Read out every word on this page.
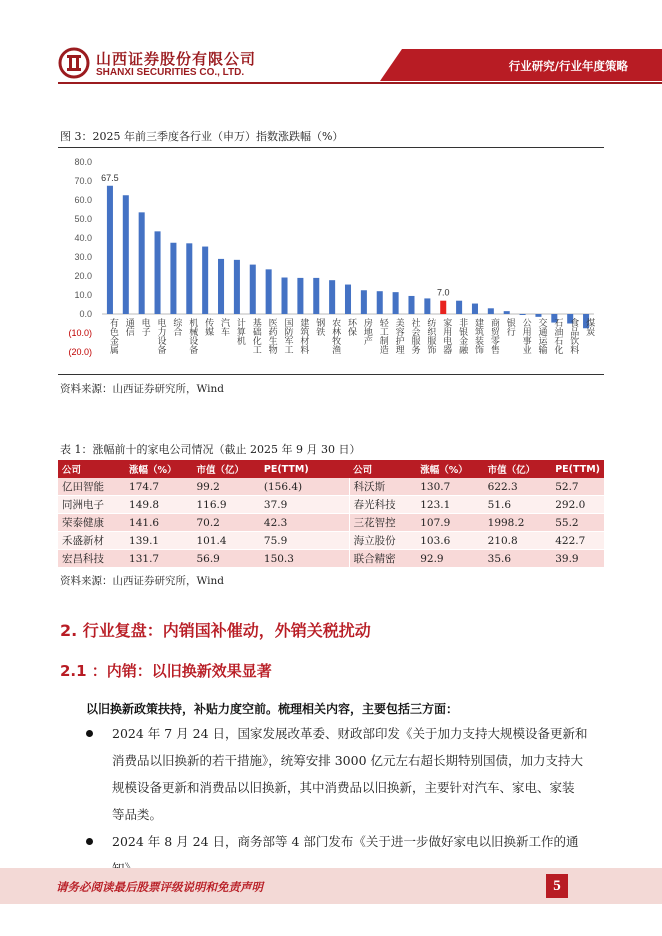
山西证券股份有限公司
SHANXI SECURITIES CO., LTD.	行业研究/行业年度策略
图 3：2025 年前三季度各行业（申万）指数涨跌幅（%）
80.0
70.0
60.0
50.0
40.0
30.0
20.0
10.0
0.0
(10.0)
(20.0) 有色金属 通信 电子 电力设备 综合 机械设备 传媒 汽车 计算机 基础化工 医药生物 国防军工 建筑材料 钢铁 农林牧渔 环保 房地产 轻工制造 美容护理 社会服务 纺织服饰 家用电器 非银金融 建筑装饰 商贸零售 银行 公用事业 交通运输 石油石化 食品饮料 煤炭
67.5
7.0
资料来源：山西证券研究所，Wind
表 1：涨幅前十的家电公司情况（截止 2025 年 9 月 30 日）
公司	涨幅（%）	市值（亿）	PE(TTM)	公司	涨幅（%）	市值（亿）	PE(TTM)
亿田智能	174.7	99.2	(156.4)	科沃斯	130.7	622.3	52.7
同洲电子	149.8	116.9	37.9	春光科技	123.1	51.6	292.0
荣泰健康	141.6	70.2	42.3	三花智控	107.9	1998.2	55.2
禾盛新材	139.1	101.4	75.9	海立股份	103.6	210.8	422.7
宏昌科技	131.7	56.9	150.3	联合精密	92.9	35.6	39.9
资料来源：山西证券研究所，Wind
2. 行业复盘：内销国补催动，外销关税扰动
2.1 ：内销：以旧换新效果显著
以旧换新政策扶持，补贴力度空前。梳理相关内容，主要包括三方面：
2024 年 7 月 24 日，国家发展改革委、财政部印发《关于加力支持大规模设备更新和
消费品以旧换新的若干措施》，统筹安排 3000 亿元左右超长期特别国债，加力支持大
规模设备更新和消费品以旧换新，其中消费品以旧换新，主要针对汽车、家电、家装
等品类。
2024 年 8 月 24 日，商务部等 4 部门发布《关于进一步做好家电以旧换新工作的通
请务必阅读最后股票评级说明和免责声明	5
